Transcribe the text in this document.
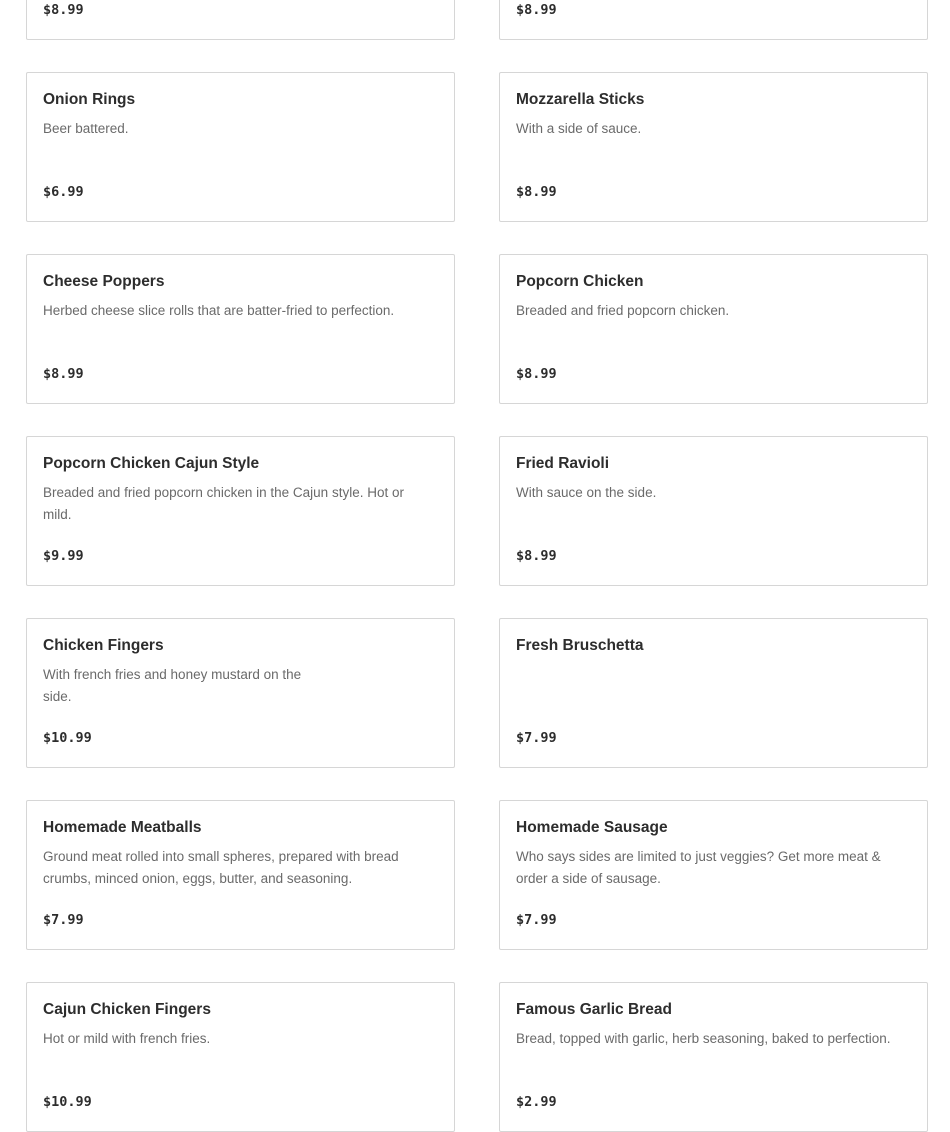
$8.99	$8.99
Onion Rings
Beer battered.
$6.99
Mozzarella Sticks
With a side of sauce.
$8.99
Cheese Poppers
Herbed cheese slice rolls that are batter-fried to perfection.
$8.99
Popcorn Chicken
Breaded and fried popcorn chicken.
$8.99
Popcorn Chicken Cajun Style
Breaded and fried popcorn chicken in the Cajun style. Hot or mild.
$9.99
Fried Ravioli
With sauce on the side.
$8.99
Chicken Fingers
With french fries and honey mustard on the side.
$10.99
Fresh Bruschetta
$7.99
Homemade Meatballs
Ground meat rolled into small spheres, prepared with bread crumbs, minced onion, eggs, butter, and seasoning.
$7.99
Homemade Sausage
Who says sides are limited to just veggies? Get more meat & order a side of sausage.
$7.99
Cajun Chicken Fingers
Hot or mild with french fries.
$10.99
Famous Garlic Bread
Bread, topped with garlic, herb seasoning, baked to perfection.
$2.99
